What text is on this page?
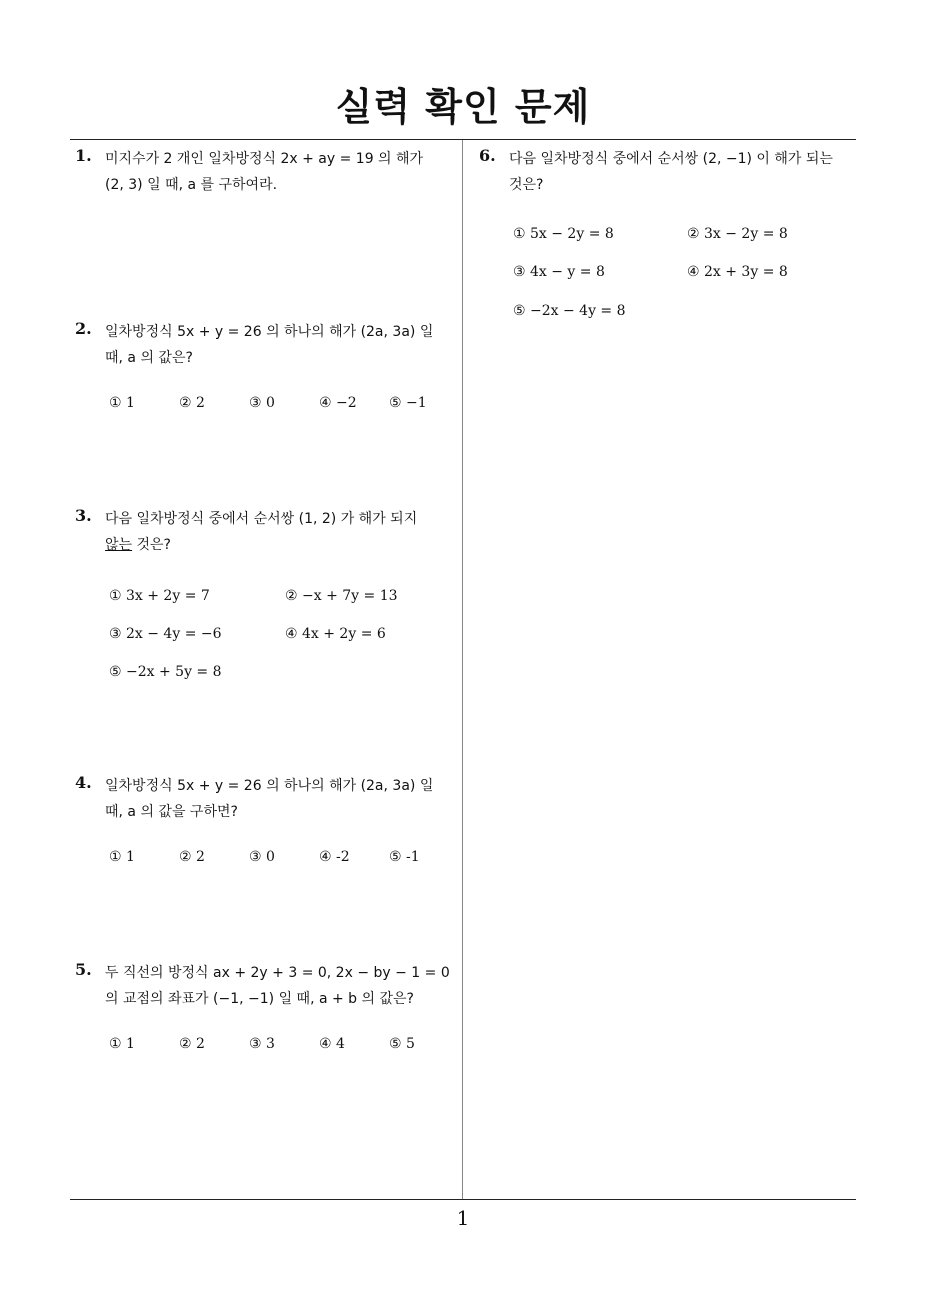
실력 확인 문제
1
1. 미지수가 2 개인 일차방정식 2x + ay = 19 의 해가
(2, 3) 일 때, a 를 구하여라.
2. 일차방정식 5x + y = 26 의 하나의 해가 (2a, 3a) 일
때, a 의 값은?
① 1	② 2	③ 0	④ −2 ⑤ −1
3. 다음 일차방정식 중에서 순서쌍 (1, 2) 가 해가 되지
않는 것은?
① 3x + 2y = 7	② −x + 7y = 13
③ 2x − 4y = −6	④ 4x + 2y = 6
⑤ −2x + 5y = 8
4. 일차방정식 5x + y = 26 의 하나의 해가 (2a, 3a) 일
때, a 의 값을 구하면?
① 1	② 2	③ 0	④ -2	⑤ -1
5. 두 직선의 방정식 ax + 2y + 3 = 0, 2x − by − 1 = 0
의 교점의 좌표가 (−1, −1) 일 때, a + b 의 값은?
① 1	② 2	③ 3	④ 4	⑤ 5
6. 다음 일차방정식 중에서 순서쌍 (2, −1) 이 해가 되는
것은?
① 5x − 2y = 8	② 3x − 2y = 8
③ 4x − y = 8	④ 2x + 3y = 8
⑤ −2x − 4y = 8
